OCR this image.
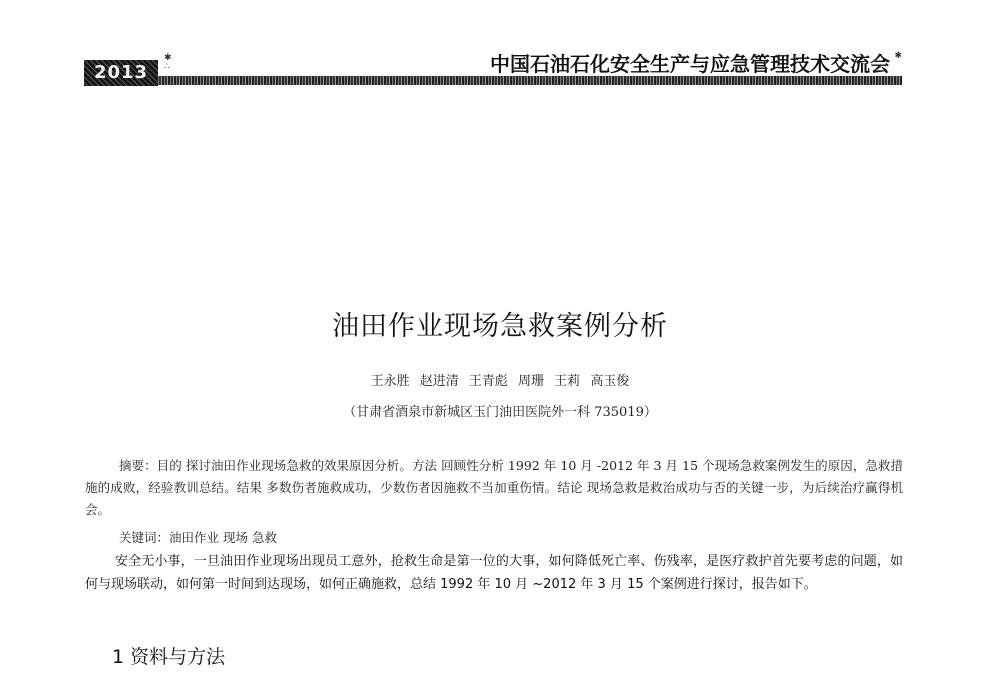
2013
✱
∴	中国石油石化安全生产与应急管理技术交流会 ✱
油田作业现场急救案例分析
王永胜 赵进清 王青彪 周珊 王莉 高玉俊
（甘肃省酒泉市新城区玉门油田医院外一科 735019）

摘要：目的 探讨油田作业现场急救的效果原因分析。方法 回顾性分析 1992 年 10 月 -2012 年 3 月 15 个现场急救案例发生的原因，急救措施的成败，经验教训总结。结果 多数伤者施救成功，少数伤者因施救不当加重伤情。结论 现场急救是救治成功与否的关键一步，为后续治疗赢得机会。

关键词：油田作业 现场 急救

安全无小事，一旦油田作业现场出现员工意外，抢救生命是第一位的大事，如何降低死亡率、伤残率，是医疗救护首先要考虑的问题，如何与现场联动，如何第一时间到达现场，如何正确施救，总结 1992 年 10 月 ~2012 年 3 月 15 个案例进行探讨，报告如下。

1 资料与方法
